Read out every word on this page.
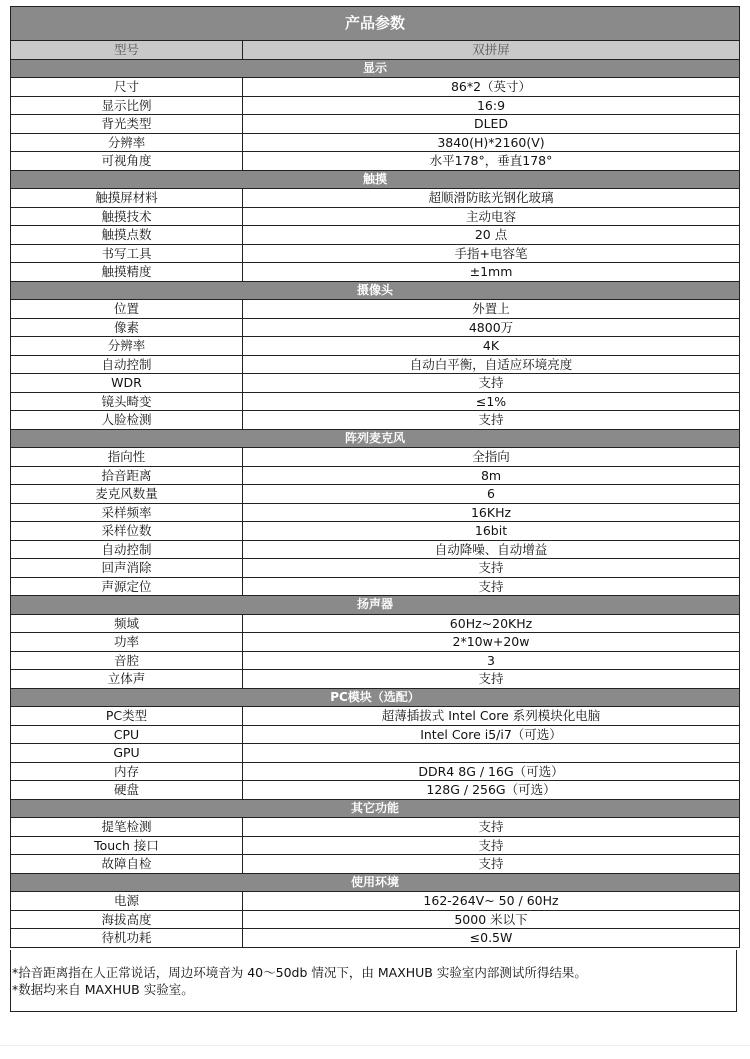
产品参数	
型号	双拼屏
显示	
尺寸	86*2（英寸）
显示比例	16:9
背光类型	DLED
分辨率	3840(H)*2160(V)
可视角度	水平178°，垂直178°
触摸	
触摸屏材料	超顺滑防眩光钢化玻璃
触摸技术	主动电容
触摸点数	20 点
书写工具	手指+电容笔
触摸精度	±1mm
摄像头	
位置	外置上
像素	4800万
分辨率	4K
自动控制	自动白平衡，自适应环境亮度
WDR	支持
镜头畸变	≤1%
人脸检测	支持
阵列麦克风	
指向性	全指向
拾音距离	8m
麦克风数量	6
采样频率	16KHz
采样位数	16bit
自动控制	自动降噪、自动增益
回声消除	支持
声源定位	支持
扬声器	
频域	60Hz~20KHz
功率	2*10w+20w
音腔	3
立体声	支持
PC模块（选配）	
PC类型	超薄插拔式 Intel Core 系列模块化电脑
CPU	Intel Core i5/i7（可选）
GPU	
内存	DDR4 8G / 16G（可选）
硬盘	128G / 256G（可选）
其它功能	
提笔检测	支持
Touch 接口	支持
故障自检	支持
使用环境	
电源	162-264V~ 50 / 60Hz
海拔高度	5000 米以下
待机功耗	≤0.5W
*拾音距离指在人正常说话，周边环境音为 40～50db 情况下，由 MAXHUB 实验室内部测试所得结果。
*数据均来自 MAXHUB 实验室。
